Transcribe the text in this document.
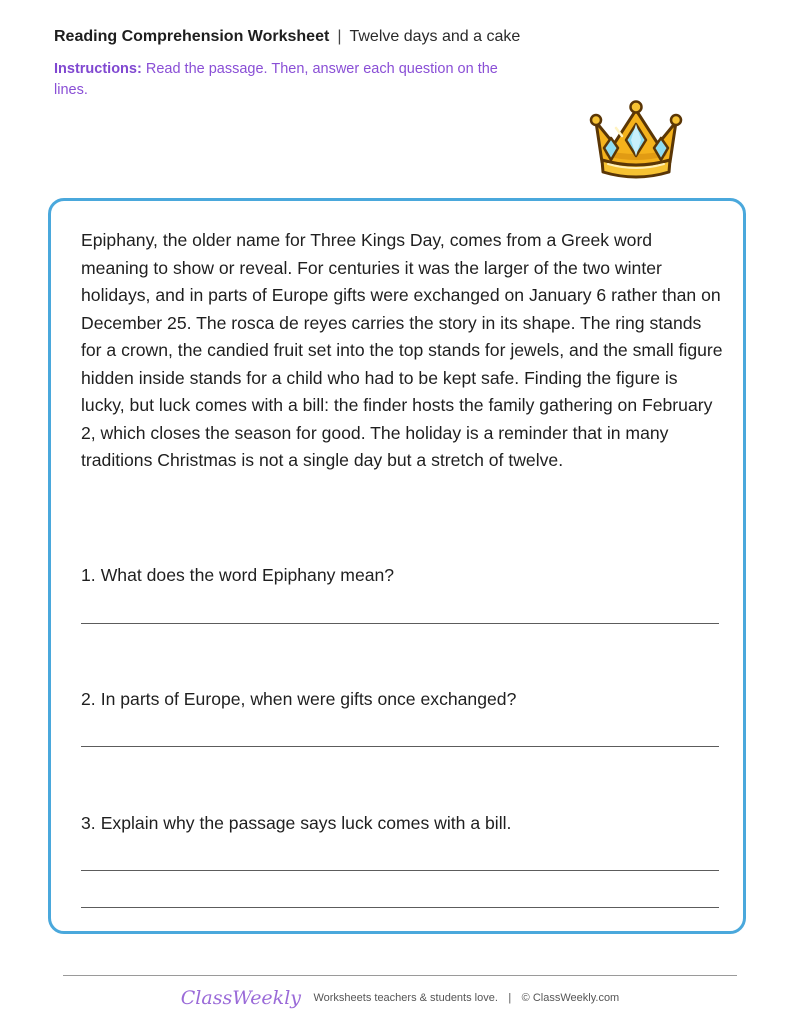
Reading Comprehension Worksheet | Twelve days and a cake
Instructions: Read the passage. Then, answer each question on the lines.

Epiphany, the older name for Three Kings Day, comes from a Greek word meaning to show or reveal. For centuries it was the larger of the two winter holidays, and in parts of Europe gifts were exchanged on January 6 rather than on December 25. The rosca de reyes carries the story in its shape. The ring stands for a crown, the candied fruit set into the top stands for jewels, and the small figure hidden inside stands for a child who had to be kept safe. Finding the figure is lucky, but luck comes with a bill: the finder hosts the family gathering on February 2, which closes the season for good. The holiday is a reminder that in many traditions Christmas is not a single day but a stretch of twelve.

1. What does the word Epiphany mean?
2. In parts of Europe, when were gifts once exchanged?
3. Explain why the passage says luck comes with a bill.
ClassWeekly Worksheets teachers & students love. | © ClassWeekly.com
